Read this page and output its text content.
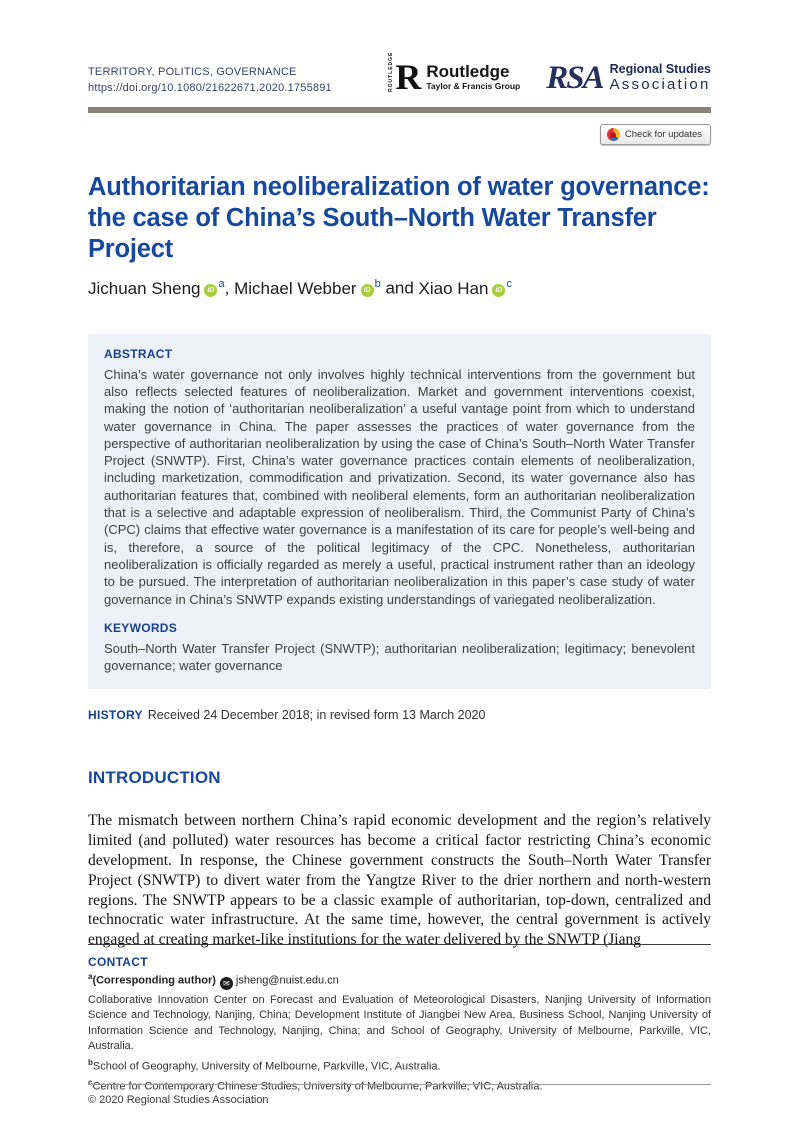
TERRITORY, POLITICS, GOVERNANCE
https://doi.org/10.1080/21622671.2020.1755891	ROUTLEDGE R Routledge
Taylor & Francis Group RSA Regional Studies
Association
Check for updates
Authoritarian neoliberalization of water governance:
the case of China’s South–North Water Transfer Project
Jichuan Sheng $iD^a$, Michael Webber $iD^b$ and Xiao Han $iD^c$
ABSTRACT
China’s water governance not only involves highly technical interventions from the government but also reflects selected features of neoliberalization. Market and government interventions coexist, making the notion of ‘authoritarian neoliberalization’ a useful vantage point from which to understand water governance in China. The paper assesses the practices of water governance from the perspective of authoritarian neoliberalization by using the case of China’s South–North Water Transfer Project (SNWTP). First, China’s water governance practices contain elements of neoliberalization, including marketization, commodification and privatization. Second, its water governance also has authoritarian features that, combined with neoliberal elements, form an authoritarian neoliberalization that is a selective and adaptable expression of neoliberalism. Third, the Communist Party of China’s (CPC) claims that effective water governance is a manifestation of its care for people’s well-being and is, therefore, a source of the political legitimacy of the CPC. Nonetheless, authoritarian neoliberalization is officially regarded as merely a useful, practical instrument rather than an ideology to be pursued. The interpretation of authoritarian neoliberalization in this paper’s case study of water governance in China’s SNWTP expands existing understandings of variegated neoliberalization.
KEYWORDS
South–North Water Transfer Project (SNWTP); authoritarian neoliberalization; legitimacy; benevolent governance; water governance
HISTORY Received 24 December 2018; in revised form 13 March 2020
INTRODUCTION

The mismatch between northern China’s rapid economic development and the region’s relatively limited (and polluted) water resources has become a critical factor restricting China’s economic development. In response, the Chinese government constructs the South–North Water Transfer Project (SNWTP) to divert water from the Yangtze River to the drier northern and north-western regions. The SNWTP appears to be a classic example of authoritarian, top-down, centralized and technocratic water infrastructure. At the same time, however, the central government is actively engaged at creating market-like institutions for the water delivered by the SNWTP (Jiang

CONTACT
$^a$(Corresponding author) ✉ jsheng@nuist.edu.cn
Collaborative Innovation Center on Forecast and Evaluation of Meteorological Disasters, Nanjing University of Information Science and Technology, Nanjing, China; Development Institute of Jiangbei New Area, Business School, Nanjing University of Information Science and Technology, Nanjing, China; and School of Geography, University of Melbourne, Parkville, VIC, Australia.
$^b$School of Geography, University of Melbourne, Parkville, VIC, Australia.
$^c$Centre for Contemporary Chinese Studies, University of Melbourne, Parkville, VIC, Australia.
© 2020 Regional Studies Association
